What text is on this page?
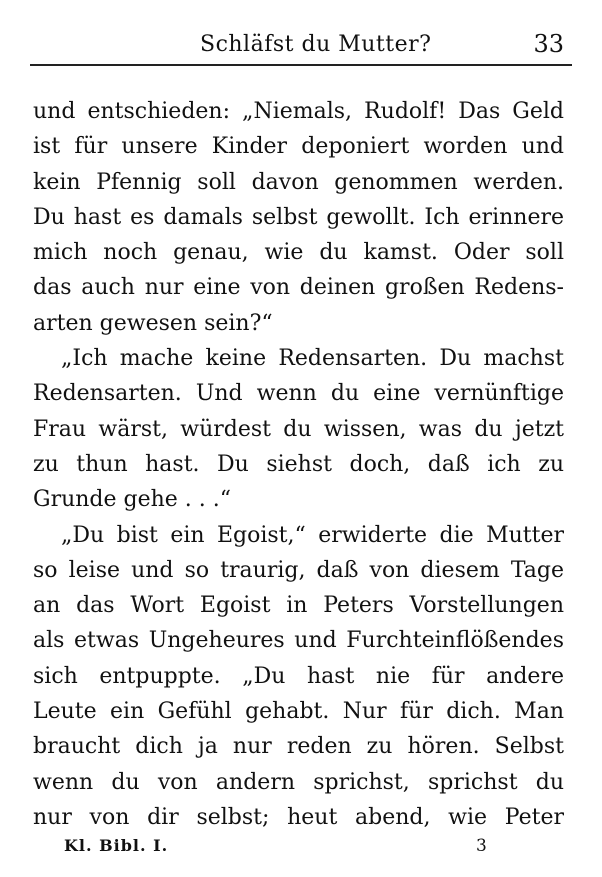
Schläfst du Mutter?	33
und entschieden: „Niemals, Rudolf! Das Geld
ist für unsere Kinder deponiert worden und
kein Pfennig soll davon genommen werden.
Du hast es damals selbst gewollt. Ich erinnere
mich noch genau, wie du kamst. Oder soll
das auch nur eine von deinen großen Redens-
arten gewesen sein?“
„Ich mache keine Redensarten. Du machst
Redensarten. Und wenn du eine vernünftige
Frau wärst, würdest du wissen, was du jetzt
zu thun hast. Du siehst doch, daß ich zu
Grunde gehe . . .“
„Du bist ein Egoist,“ erwiderte die Mutter
so leise und so traurig, daß von diesem Tage
an das Wort Egoist in Peters Vorstellungen
als etwas Ungeheures und Furchteinflößendes
sich entpuppte. „Du hast nie für andere
Leute ein Gefühl gehabt. Nur für dich. Man
braucht dich ja nur reden zu hören. Selbst
wenn du von andern sprichst, sprichst du
nur von dir selbst; heut abend, wie Peter
Kl. Bibl. I.	3
